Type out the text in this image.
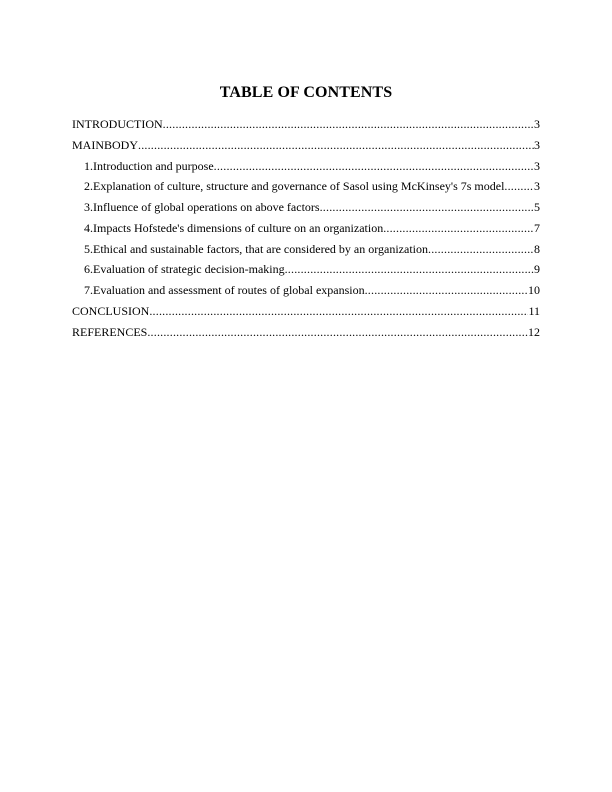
TABLE OF CONTENTS
INTRODUCTION .....	3
MAINBODY .....	3
1.Introduction and purpose .....	3
2.Explanation of culture, structure and governance of Sasol using McKinsey's 7s model ..... 3
3.Influence of global operations on above factors .....	5
4.Impacts Hofstede's dimensions of culture on an organization .....	7
5.Ethical and sustainable factors, that are considered by an organization .....	8
6.Evaluation of strategic decision-making .....	9
7.Evaluation and assessment of routes of global expansion .....	10
CONCLUSION .....	11
REFERENCES .....	12
